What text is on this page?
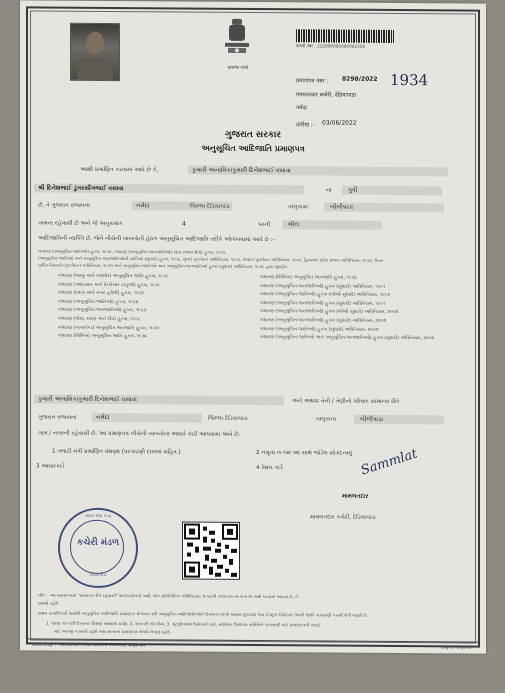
सत्यमेव जयते
पावती नंबर : 222000000000002356
प्रमाणपत्र नंबर : 8298/2022 1934
मामलतदार कचेरी, देडियापाडा
नर्मदा
तारीख :- 03/06/2022
ગુજરાત સરકાર
અનુસૂચિત આદિજાતિ પ્રમાણપત્ર
આથી પ્રમાણિત કરવામાં આવે છે કે,	કુમારી અનામિકાકુમારી દિનેશભાઈ વસાવા
શ્રી દિનેશભાઈ ડુંગરસીંગભાઈ વસાવા	ના	પુત્રી
છે, તે ગુજરાત રાજ્યના	નર્મદા	જિલ્લા દેડિયાપાડા	તાલુકામાં	બીલીપાડા
ગામના રહેવાસી છે અને જે અનુક્રમાંક	4	પરની	ભીલ
આદિજાતિની વ્યક્તિ છે, જેને નીચેની બાબતોની હેઠળ અનુસૂચિત આદિજાતિ તરીકે ઓળખવામાં આવે છે :-
બંધારણ (અનુસૂચિત જાતિઓ) હુકમ, ૧૯૫૦, બંધારણ (અનુસૂચિત જનજાતિઓ) (સંઘ રાજ્ય ક્ષેત્રો) હુકમ, ૧૯૫૧,
(અનુસૂચિત જાતિઓ અને અનુસૂચિત જનજાતિઓની યાદીઓ (સુધારો) હુકમ, ૧૯૫૬, મુંબઈ પુનર્ગઠન અધિનિયમ, ૧૯૬૦, પંજાબ પુનર્ગઠન અધિનિયમ, ૧૯૬૬, હિમાચલ પ્રદેશ રાજ્ય અધિનિયમ, ૧૯૭૦, ઉત્તર
પૂર્વીય વિસ્તારો (પુનર્ગઠન) અધિનિયમ, ૧૯૭૧ અને અનુસૂચિત જાતિઓ અને અનુસૂચિત જનજાતિઓ હુકમ (સુધારો) અધિનિયમ, ૧૯૭૬ દ્વારા સુધારેલ
બંધારણ (જમ્મુ અને કાશ્મીર) અનુસૂચિત જાતિ હુકમ, ૧૯૫૬
બંધારણ (આંદામાન અને નિકોબાર ટાપુઓ) હુકમ, ૧૯૫૯
બંધારણ (દાદરા અને નગર હવેલી) હુકમ, ૧૯૬૨
બંધારણ (અનુસૂચિત જાતિઓ) હુકમ, ૧૯૬૪
બંધારણ (અનુસૂચિત જનજાતિઓ) હુકમ, ૧૯૬૭
બંધારણ (ગોવા, દમણ અને દીવ) હુકમ, ૧૯૬૮
બંધારણ (નાગાલેન્ડ) અનુસૂચિત જનજાતિ હુકમ, ૧૯૭૦
બંધારણ (સિક્કિમ) અનુસૂચિત જાતિ હુકમ, ૧૯૭૮
બંધારણ (સિક્કિમ) અનુસૂચિત જનજાતિ હુકમ, ૧૯૭૮
બંધારણ (અનુસૂચિત જનજાતિઓ) હુકમ (સુધારો) અધિનિયમ, ૧૯૯૧
બંધારણ (અનુસૂચિત જાતિઓ) હુકમ (બીજો સુધારો) અધિનિયમ, ૧૯૯૨
બંધારણ (અનુસૂચિત જનજાતિઓ) હુકમ (સુધારો) અધિનિયમ, ૧૯૯૧
બંધારણ (અનુસૂચિત જનજાતિઓ) હુકમ (બીજો સુધારો) અધિનિયમ, ૨૦૦૨
બંધારણ (અનુસૂચિત જનજાતિઓ) હુકમ (સુધારો) અધિનિયમ, ૨૦૦૨
બંધારણ (અનુસૂચિત જાતિઓ) હુકમ (સુધારો) અધિનિયમ, ૨૦૦૨
બંધારણ (અનુસૂચિત જાતિઓ અને અનુસૂચિત જનજાતિઓ) હુકમ (સુધારો) અધિનિયમ, ૨૦૦૨
કુમારી અનામિકાકુમારી દિનેશભાઈ વસાવા	અને અથવા તેની / તેણીનો પરિવાર સામાન્ય રીતે
ગુજરાત રાજ્યના	નર્મદા	જિલ્લા દેડિયાપાડા	તાલુકાના	બીલીપાડા
ગામ / નગરની રહેવાસી છે. આ પ્રમાણપત્ર નીચેની બાબતોના આધારે કાઢી આપવામાં આવે છે.
1 તલાટી મંત્રી પ્રમાણિત વંશવૃક્ષ (પરકાઢણી દાખલાં સહિત.)	2 નમૂના ન-૧માં આ સાથે જોડેલ સોગંદનામું
3 આધારકાર્ડ	4 રેશન કાર્ડ	Sammlat
મામલતદાર
મામલતદાર કચેરી, દેડિયાપાડા
ગ્રામ્ય સેવા કેન્દ્ર
કચેરી મંડળ
દેડિયાપાડા
નોંધ :- આ પ્રમાણપત્રમાં "સામાન્ય રીતે રહેવાસી" શબ્દપ્રયોગનો અર્થ, લોક-પ્રતિનિધિત્વ અધિનિયમ, ૧૯૫૦ની કલમ ૨૦-માં તેનો જે અર્થ કરવામાં આવ્યો છે, તે
પ્રમાણે રહેશે.
સક્ષમ સત્તાધિકારી પાસેથી અનુસૂચિત આદિજાતિ પ્રમાણપત્ર મેળવ્યા પછી અનુસૂચિત આદિજાતિઓને ઉપલબ્ધ લાભો અથવા છૂટછાટો લેવા ઈચ્છુક ઉમેદવારે તેમની જાતિ ચકાસણી કરાવી લેવી જરૂરી છે.
1. ધોરણ ૧૦ પછી ઉચ્ચતર શિક્ષણ સંસ્થામાં પ્રવેશ, 2. સરકારી નોકરીમાં, 3. ચૂંટણીઓમાં ઉમેદવારી માટે, સંશોધન ઉમેદવાર સમિતિને ચકાસણી માટે પ્રમાણપત્રની ખરાઈ
માટે અરજી કરવાની રહેશે તથા માન્યતા પ્રમાણપત્ર મેળવી લેવાનું રહેશે.
Courtesy :- National Informatics Centre, Gujarat	Digital Gujarat
